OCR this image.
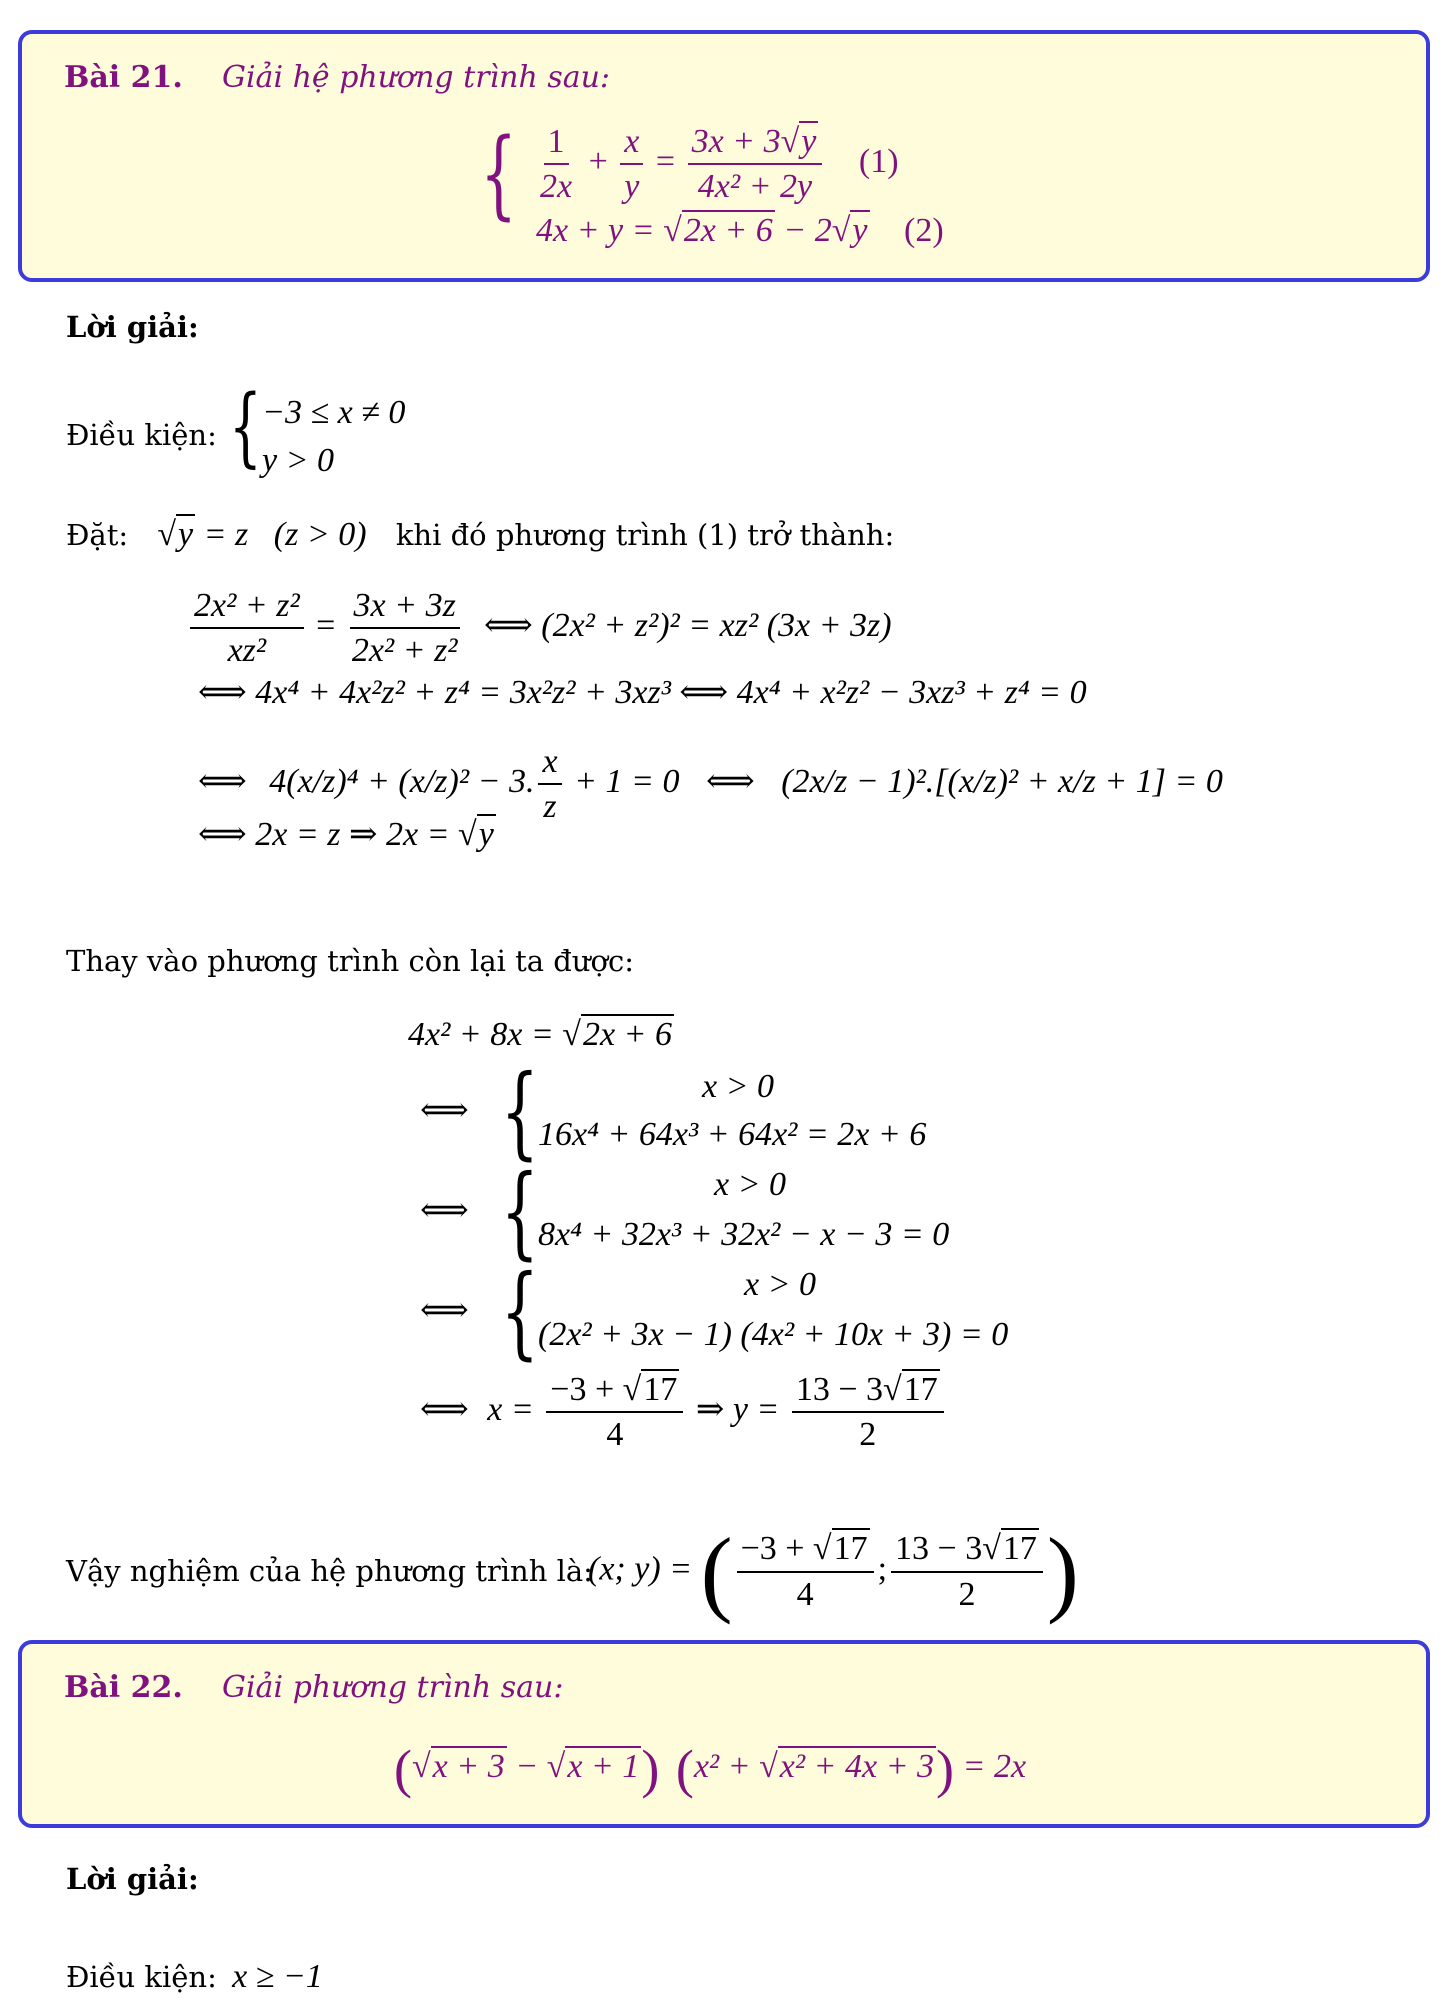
Bài 21. Giải hệ phương trình sau:
{ $\frac{1}{2x} + \frac{x}{y} = \frac{3x + 3√y}{\text{4x² + 2y}} (1)$
4x + y = √2x + 6 − 2√y (2)
Lời giải:
Điều kiện: { −3 ≤ x ≠ 0
y > 0
Đặt: √y = z   (z > 0) khi đó phương trình (1) trở thành:
$\frac{\text{2x² + z²}}{\text{xz²}} = \frac{3x + 3z}{\text{2x² + z²}}$ ⟺ (2x² + z²)² = xz² (3x + 3z)
⟺ 4x⁴ + 4x²z² + z⁴ = 3x²z² + 3xz³ ⟺ 4x⁴ + x²z² − 3xz³ + z⁴ = 0
⟺ 4(x/z)⁴ + (x/z)² − 3. $\frac{x}{z} + 1 = 0$ ⟺ (2x/z − 1)².[(x/z)² + x/z + 1] = 0
⟺ 2x = z ⇒ 2x = √y
Thay vào phương trình còn lại ta được:
4x² + 8x = √2x + 6
⟺ {	x > 0
16x⁴ + 64x³ + 64x² = 2x + 6
⟺ {	x > 0
8x⁴ + 32x³ + 32x² − x − 3 = 0
⟺ {	x > 0
(2x² + 3x − 1) (4x² + 10x + 3) = 0
⟺ $x = \frac{-3 + √17}{4}$ ⇒ $y = \frac{13 - 3√17}{2}$
Vậy nghiệm của hệ phương trình là:
(x; y) = ( $\frac{-3 + √17}{4}$ ; $\frac{13 - 3√17}{2}$ )
Bài 22. Giải phương trình sau:
(√x + 3 − √x + 1) (x² + √x² + 4x + 3) = 2x
Lời giải:
Điều kiện: x ≥ −1
